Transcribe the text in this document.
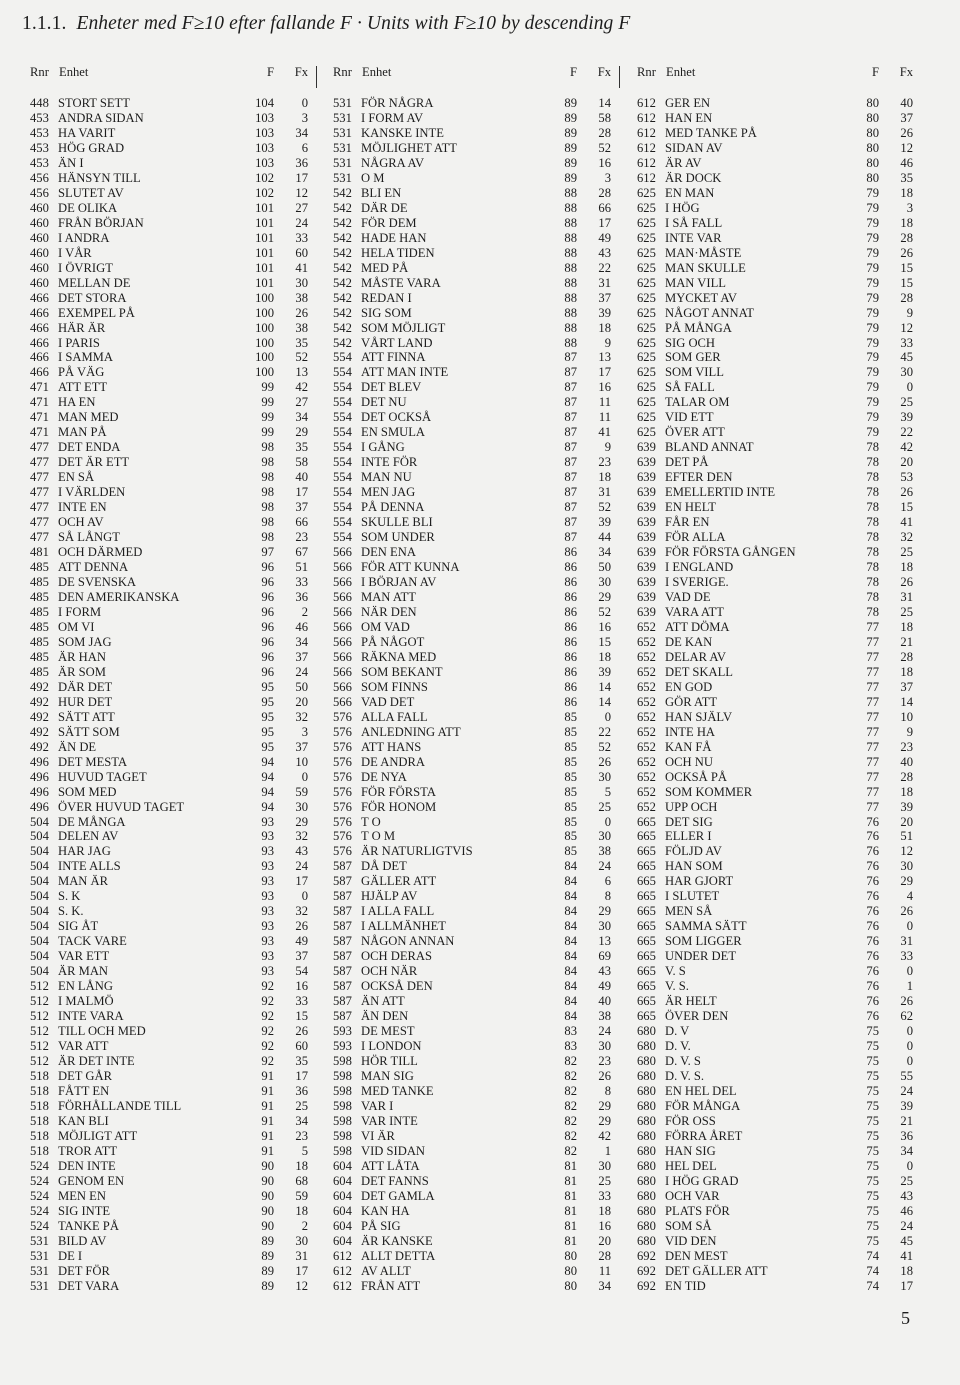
1.1.1. Enheter med F≥10 efter fallande F · Units with F≥10 by descending F
Rnr Enhet	F	Fx
448 STORT SETT	104	0
453 ANDRA SIDAN	103	3
453 HA VARIT	103	34
453 HÖG GRAD	103	6
453 ÄN I	103	36
456 HÄNSYN TILL	102	17
456 SLUTET AV	102	12
460 DE OLIKA	101	27
460 FRÅN BÖRJAN	101	24
460 I ANDRA	101	33
460 I VÅR	101	60
460 I ÖVRIGT	101	41
460 MELLAN DE	101	30
466 DET STORA	100	38
466 EXEMPEL PÅ	100	26
466 HÄR ÄR	100	38
466 I PARIS	100	35
466 I SAMMA	100	52
466 PÅ VÄG	100	13
471 ATT ETT	99	42
471 HA EN	99	27
471 MAN MED	99	34
471 MAN PÅ	99	29
477 DET ENDA	98	35
477 DET ÄR ETT	98	58
477 EN SÅ	98	40
477 I VÄRLDEN	98	17
477 INTE EN	98	37
477 OCH AV	98	66
477 SÅ LÅNGT	98	23
481 OCH DÄRMED	97	67
485 ATT DENNA	96	51
485 DE SVENSKA	96	33
485 DEN AMERIKANSKA	96	36
485 I FORM	96	2
485 OM VI	96	46
485 SOM JAG	96	34
485 ÄR HAN	96	37
485 ÄR SOM	96	24
492 DÄR DET	95	50
492 HUR DET	95	20
492 SÄTT ATT	95	32
492 SÄTT SOM	95	3
492 ÄN DE	95	37
496 DET MESTA	94	10
496 HUVUD TAGET	94	0
496 SOM MED	94	59
496 ÖVER HUVUD TAGET	94	30
504 DE MÅNGA	93	29
504 DELEN AV	93	32
504 HAR JAG	93	43
504 INTE ALLS	93	24
504 MAN ÄR	93	17
504 S. K	93	0
504 S. K.	93	32
504 SIG ÅT	93	26
504 TACK VARE	93	49
504 VAR ETT	93	37
504 ÄR MAN	93	54
512 EN LÅNG	92	16
512 I MALMÖ	92	33
512 INTE VARA	92	15
512 TILL OCH MED	92	26
512 VAR ATT	92	60
512 ÄR DET INTE	92	35
518 DET GÅR	91	17
518 FÅTT EN	91	36
518 FÖRHÅLLANDE TILL	91	25
518 KAN BLI	91	34
518 MÖJLIGT ATT	91	23
518 TROR ATT	91	5
524 DEN INTE	90	18
524 GENOM EN	90	68
524 MEN EN	90	59
524 SIG INTE	90	18
524 TANKE PÅ	90	2
531 BILD AV	89	30
531 DE I	89	31
531 DET FÖR	89	17
531 DET VARA	89	12
Rnr Enhet	F	Fx
531 FÖR NÅGRA	89	14
531 I FORM AV	89	58
531 KANSKE INTE	89	28
531 MÖJLIGHET ATT	89	52
531 NÅGRA AV	89	16
531 O M	89	3
542 BLI EN	88	28
542 DÄR DE	88	66
542 FÖR DEM	88	17
542 HADE HAN	88	49
542 HELA TIDEN	88	43
542 MED PÅ	88	22
542 MÅSTE VARA	88	31
542 REDAN I	88	37
542 SIG SOM	88	39
542 SOM MÖJLIGT	88	18
542 VÅRT LAND	88	9
554 ATT FINNA	87	13
554 ATT MAN INTE	87	17
554 DET BLEV	87	16
554 DET NU	87	11
554 DET OCKSÅ	87	11
554 EN SMULA	87	41
554 I GÅNG	87	9
554 INTE FÖR	87	23
554 MAN NU	87	18
554 MEN JAG	87	31
554 PÅ DENNA	87	52
554 SKULLE BLI	87	39
554 SOM UNDER	87	44
566 DEN ENA	86	34
566 FÖR ATT KUNNA	86	50
566 I BÖRJAN AV	86	30
566 MAN ATT	86	29
566 NÄR DEN	86	52
566 OM VAD	86	16
566 PÅ NÅGOT	86	15
566 RÄKNA MED	86	18
566 SOM BEKANT	86	39
566 SOM FINNS	86	14
566 VAD DET	86	14
576 ALLA FALL	85	0
576 ANLEDNING ATT	85	22
576 ATT HANS	85	52
576 DE ANDRA	85	26
576 DE NYA	85	30
576 FÖR FÖRSTA	85	5
576 FÖR HONOM	85	25
576 T O	85	0
576 T O M	85	30
576 ÄR NATURLIGTVIS	85	38
587 DÅ DET	84	24
587 GÄLLER ATT	84	6
587 HJÄLP AV	84	8
587 I ALLA FALL	84	29
587 I ALLMÄNHET	84	30
587 NÅGON ANNAN	84	13
587 OCH DERAS	84	69
587 OCH NÄR	84	43
587 OCKSÅ DEN	84	49
587 ÄN ATT	84	40
587 ÄN DEN	84	38
593 DE MEST	83	24
593 I LONDON	83	30
598 HÖR TILL	82	23
598 MAN SIG	82	26
598 MED TANKE	82	8
598 VAR I	82	29
598 VAR INTE	82	29
598 VI ÄR	82	42
598 VID SIDAN	82	1
604 ATT LÅTA	81	30
604 DET FANNS	81	25
604 DET GAMLA	81	33
604 KAN HA	81	18
604 PÅ SIG	81	16
604 ÄR KANSKE	81	20
612 ALLT DETTA	80	28
612 AV ALLT	80	11
612 FRÅN ATT	80	34
Rnr Enhet	F	Fx
612 GER EN	80	40
612 HAN EN	80	37
612 MED TANKE PÅ	80	26
612 SIDAN AV	80	12
612 ÄR AV	80	46
612 ÄR DOCK	80	35
625 EN MAN	79	18
625 I HÖG	79	3
625 I SÅ FALL	79	18
625 INTE VAR	79	28
625 MAN·MÅSTE	79	26
625 MAN SKULLE	79	15
625 MAN VILL	79	15
625 MYCKET AV	79	28
625 NÅGOT ANNAT	79	9
625 PÅ MÅNGA	79	12
625 SIG OCH	79	33
625 SOM GER	79	45
625 SOM VILL	79	30
625 SÅ FALL	79	0
625 TALAR OM	79	25
625 VID ETT	79	39
625 ÖVER ATT	79	22
639 BLAND ANNAT	78	42
639 DET PÅ	78	20
639 EFTER DEN	78	53
639 EMELLERTID INTE	78	26
639 EN HELT	78	15
639 FÅR EN	78	41
639 FÖR ALLA	78	32
639 FÖR FÖRSTA GÅNGEN	78	25
639 I ENGLAND	78	18
639 I SVERIGE.	78	26
639 VAD DE	78	31
639 VARA ATT	78	25
652 ATT DÖMA	77	18
652 DE KAN	77	21
652 DELAR AV	77	28
652 DET SKALL	77	18
652 EN GOD	77	37
652 GÖR ATT	77	14
652 HAN SJÄLV	77	10
652 INTE HA	77	9
652 KAN FÅ	77	23
652 OCH NU	77	40
652 OCKSÅ PÅ	77	28
652 SOM KOMMER	77	18
652 UPP OCH	77	39
665 DET SIG	76	20
665 ELLER I	76	51
665 FÖLJD AV	76	12
665 HAN SOM	76	30
665 HAR GJORT	76	29
665 I SLUTET	76	4
665 MEN SÅ	76	26
665 SAMMA SÄTT	76	0
665 SOM LIGGER	76	31
665 UNDER DET	76	33
665 V. S	76	0
665 V. S.	76	1
665 ÄR HELT	76	26
665 ÖVER DEN	76	62
680 D. V	75	0
680 D. V.	75	0
680 D. V. S	75	0
680 D. V. S.	75	55
680 EN HEL DEL	75	24
680 FÖR MÅNGA	75	39
680 FÖR OSS	75	21
680 FÖRRA ÅRET	75	36
680 HAN SIG	75	34
680 HEL DEL	75	0
680 I HÖG GRAD	75	25
680 OCH VAR	75	43
680 PLATS FÖR	75	46
680 SOM SÅ	75	24
680 VID DEN	75	45
692 DEN MEST	74	41
692 DET GÄLLER ATT	74	18
692 EN TID	74	17
5
